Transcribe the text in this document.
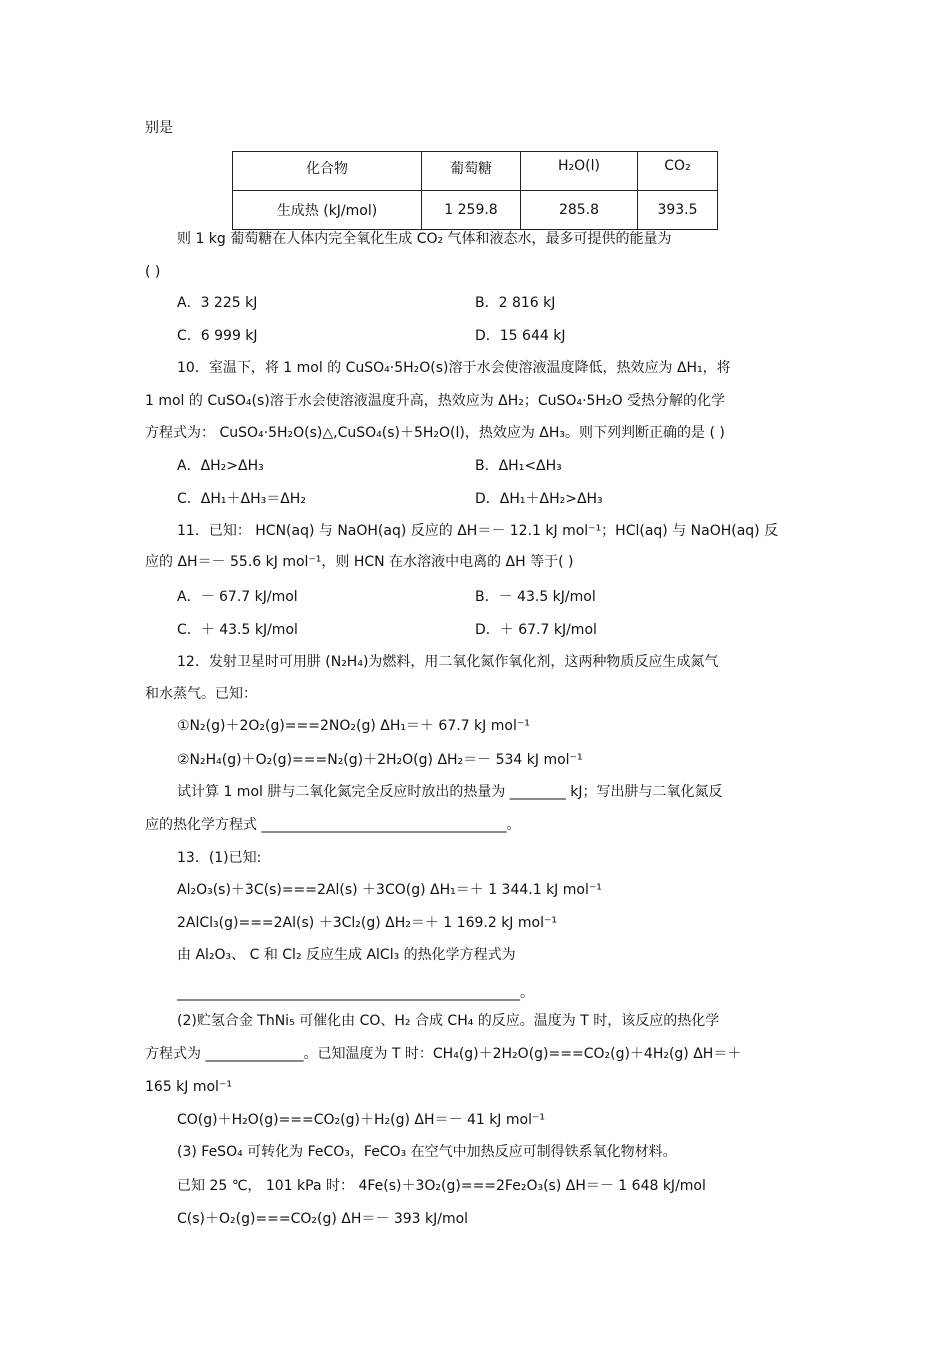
别是
化合物	葡萄糖	H₂O(l)	CO₂
生成热 (kJ/mol)	1 259.8	285.8	393.5
则 1 kg 葡萄糖在人体内完全氧化生成 CO₂ 气体和液态水，最多可提供的能量为
( )
A．3 225 kJ	B．2 816 kJ
C．6 999 kJ	D．15 644 kJ
10．室温下，将 1 mol 的 CuSO₄·5H₂O(s)溶于水会使溶液温度降低，热效应为 ΔH₁，将
1 mol 的 CuSO₄(s)溶于水会使溶液温度升高，热效应为 ΔH₂；CuSO₄·5H₂O 受热分解的化学
方程式为： CuSO₄·5H₂O(s)△,CuSO₄(s)＋5H₂O(l)，热效应为 ΔH₃。则下列判断正确的是 ( )
A．ΔH₂>ΔH₃	B．ΔH₁<ΔH₃
C．ΔH₁＋ΔH₃＝ΔH₂	D．ΔH₁＋ΔH₂>ΔH₃
11．已知： HCN(aq) 与 NaOH(aq) 反应的 ΔH＝－ 12.1 kJ mol⁻¹；HCl(aq) 与 NaOH(aq) 反
应的 ΔH＝－ 55.6 kJ mol⁻¹，则 HCN 在水溶液中电离的 ΔH 等于( )
A．－ 67.7 kJ/mol	B．－ 43.5 kJ/mol
C．＋ 43.5 kJ/mol	D．＋ 67.7 kJ/mol
12．发射卫星时可用肼 (N₂H₄)为燃料，用二氧化氮作氧化剂，这两种物质反应生成氮气
和水蒸气。已知：
①N₂(g)＋2O₂(g)===2NO₂(g) ΔH₁＝＋ 67.7 kJ mol⁻¹
②N₂H₄(g)＋O₂(g)===N₂(g)＋2H₂O(g) ΔH₂＝－ 534 kJ mol⁻¹
试计算 1 mol 肼与二氧化氮完全反应时放出的热量为 ________ kJ；写出肼与二氧化氮反
应的热化学方程式 ___________________________________。
13．(1)已知:
Al₂O₃(s)＋3C(s)===2Al(s) ＋3CO(g) ΔH₁＝＋ 1 344.1 kJ mol⁻¹
2AlCl₃(g)===2Al(s) ＋3Cl₂(g) ΔH₂＝＋ 1 169.2 kJ mol⁻¹
由 Al₂O₃、 C 和 Cl₂ 反应生成 AlCl₃ 的热化学方程式为
_________________________________________________。
(2)贮氢合金 ThNi₅ 可催化由 CO、H₂ 合成 CH₄ 的反应。温度为 T 时，该反应的热化学
方程式为 ______________。已知温度为 T 时：CH₄(g)＋2H₂O(g)===CO₂(g)＋4H₂(g) ΔH＝＋
165 kJ mol⁻¹
CO(g)＋H₂O(g)===CO₂(g)＋H₂(g) ΔH＝－ 41 kJ mol⁻¹
(3) FeSO₄ 可转化为 FeCO₃，FeCO₃ 在空气中加热反应可制得铁系氧化物材料。
已知 25 ℃， 101 kPa 时： 4Fe(s)＋3O₂(g)===2Fe₂O₃(s) ΔH＝－ 1 648 kJ/mol
C(s)＋O₂(g)===CO₂(g) ΔH＝－ 393 kJ/mol
